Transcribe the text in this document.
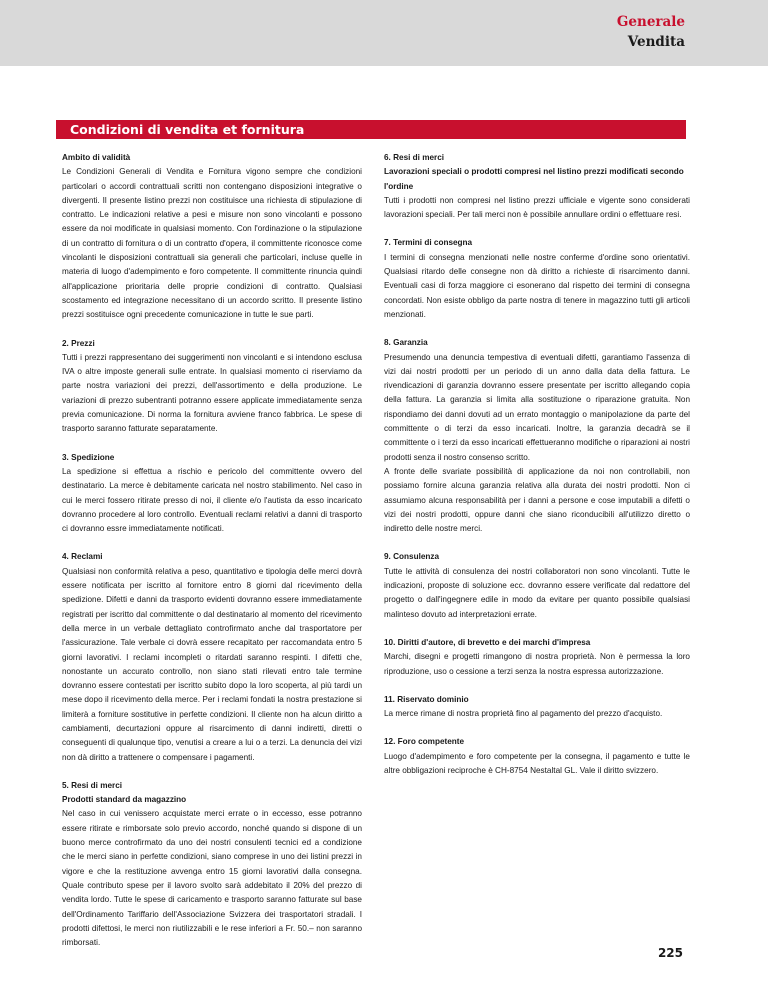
Generale
Vendita
Condizioni di vendita et fornitura
Ambito di validità
Le Condizioni Generali di Vendita e Fornitura vigono sempre che condizioni particolari o accordi contrattuali scritti non contengano disposizioni integrative o divergenti. Il presente listino prezzi non costituisce una richiesta di stipulazione di contratto. Le indicazioni relative a pesi e misure non sono vincolanti e possono essere da noi modificate in qualsiasi momento. Con l'ordinazione o la stipulazione di un contratto di fornitura o di un contratto d'opera, il committente riconosce come vincolanti le disposizioni contrattuali sia generali che particolari, incluse quelle in materia di luogo d'adempimento e foro competente. Il committente rinuncia quindi all'applicazione prioritaria delle proprie condizioni di contratto. Qualsiasi scostamento ed integrazione necessitano di un accordo scritto. Il presente listino prezzi sostituisce ogni precedente comunicazione in tutte le sue parti.
2. Prezzi
Tutti i prezzi rappresentano dei suggerimenti non vincolanti e si intendono esclusa IVA o altre imposte generali sulle entrate. In qualsiasi momento ci riserviamo da parte nostra variazioni dei prezzi, dell'assortimento e della produzione. Le variazioni di prezzo subentranti potranno essere applicate immediatamente senza previa comunicazione. Di norma la fornitura avviene franco fabbrica. Le spese di trasporto saranno fatturate separatamente.
3. Spedizione
La spedizione si effettua a rischio e pericolo del committente ovvero del destinatario. La merce è debitamente caricata nel nostro stabilimento. Nel caso in cui le merci fossero ritirate presso di noi, il cliente e/o l'autista da esso incaricato dovranno procedere al loro controllo. Eventuali reclami relativi a danni di trasporto ci dovranno essre immediatamente notificati.
4. Reclami
Qualsiasi non conformità relativa a peso, quantitativo e tipologia delle merci dovrà essere notificata per iscritto al fornitore entro 8 giorni dal ricevimento della spedizione. Difetti e danni da trasporto evidenti dovranno essere immediatamente registrati per iscritto dal committente o dal destinatario al momento del ricevimento della merce in un verbale dettagliato controfirmato anche dal trasportatore per l'assicurazione. Tale verbale ci dovrà essere recapitato per raccomandata entro 5 giorni lavorativi. I reclami incompleti o ritardati saranno respinti. I difetti che, nonostante un accurato controllo, non siano stati rilevati entro tale termine dovranno essere contestati per iscritto subito dopo la loro scoperta, al più tardi un mese dopo il ricevimento della merce. Per i reclami fondati la nostra prestazione si limiterà a forniture sostitutive in perfette condizioni. Il cliente non ha alcun diritto a cambiamenti, decurtazioni oppure al risarcimento di danni indiretti, diretti o conseguenti di qualunque tipo, venutisi a creare a lui o a terzi. La denuncia dei vizi non dà diritto a trattenere o compensare i pagamenti.
5. Resi di merci
Prodotti standard da magazzino
Nel caso in cui venissero acquistate merci errate o in eccesso, esse potranno essere ritirate e rimborsate solo previo accordo, nonché quando si dispone di un buono merce controfirmato da uno dei nostri consulenti tecnici ed a condizione che le merci siano in perfette condizioni, siano comprese in uno dei listini prezzi in vigore e che la restituzione avvenga entro 15 giorni lavorativi dalla consegna. Quale contributo spese per il lavoro svolto sarà addebitato il 20% del prezzo di vendita lordo. Tutte le spese di caricamento e trasporto saranno fatturate sul base dell'Ordinamento Tariffario dell'Associazione Svizzera dei trasportatori stradali. I prodotti difettosi, le merci non riutilizzabili e le rese inferiori a Fr. 50.– non saranno rimborsati.
6. Resi di merci
Lavorazioni speciali o prodotti compresi nel listino prezzi modificati secondo l'ordine
Tutti i prodotti non compresi nel listino prezzi ufficiale e vigente sono considerati lavorazioni speciali. Per tali merci non è possibile annullare ordini o effettuare resi.
7. Termini di consegna
I termini di consegna menzionati nelle nostre conferme d'ordine sono orientativi. Qualsiasi ritardo delle consegne non dà diritto a richieste di risarcimento danni. Eventuali casi di forza maggiore ci esonerano dal rispetto dei termini di consegna concordati. Non esiste obbligo da parte nostra di tenere in magazzino tutti gli articoli menzionati.
8. Garanzia

Presumendo una denuncia tempestiva di eventuali difetti, garantiamo l'assenza di vizi dai nostri prodotti per un periodo di un anno dalla data della fattura. Le rivendicazioni di garanzia dovranno essere presentate per iscritto allegando copia della fattura. La garanzia si limita alla sostituzione o riparazione gratuita. Non rispondiamo dei danni dovuti ad un errato montaggio o manipolazione da parte del committente o di terzi da esso incaricati. Inoltre, la garanzia decadrà se il committente o i terzi da esso incaricati effettueranno modifiche o riparazioni ai nostri prodotti senza il nostro consenso scritto.

A fronte delle svariate possibilità di applicazione da noi non controllabili, non possiamo fornire alcuna garanzia relativa alla durata dei nostri prodotti. Non ci assumiamo alcuna responsabilità per i danni a persone e cose imputabili a difetti o vizi dei nostri prodotti, oppure danni che siano riconducibili all'utilizzo diretto o indiretto delle nostre merci.

9. Consulenza
Tutte le attività di consulenza dei nostri collaboratori non sono vincolanti. Tutte le indicazioni, proposte di soluzione ecc. dovranno essere verificate dal redattore del progetto o dall'ingegnere edile in modo da evitare per quanto possibile qualsiasi malinteso dovuto ad interpretazioni errate.
10. Diritti d'autore, di brevetto e dei marchi d'impresa
Marchi, disegni e progetti rimangono di nostra proprietà. Non è permessa la loro riproduzione, uso o cessione a terzi senza la nostra espressa autorizzazione.
11. Riservato dominio
La merce rimane di nostra proprietà fino al pagamento del prezzo d'acquisto.
12. Foro competente
Luogo d'adempimento e foro competente per la consegna, il pagamento e tutte le altre obbligazioni reciproche è CH-8754 Nestaltal GL. Vale il diritto svizzero.
225
